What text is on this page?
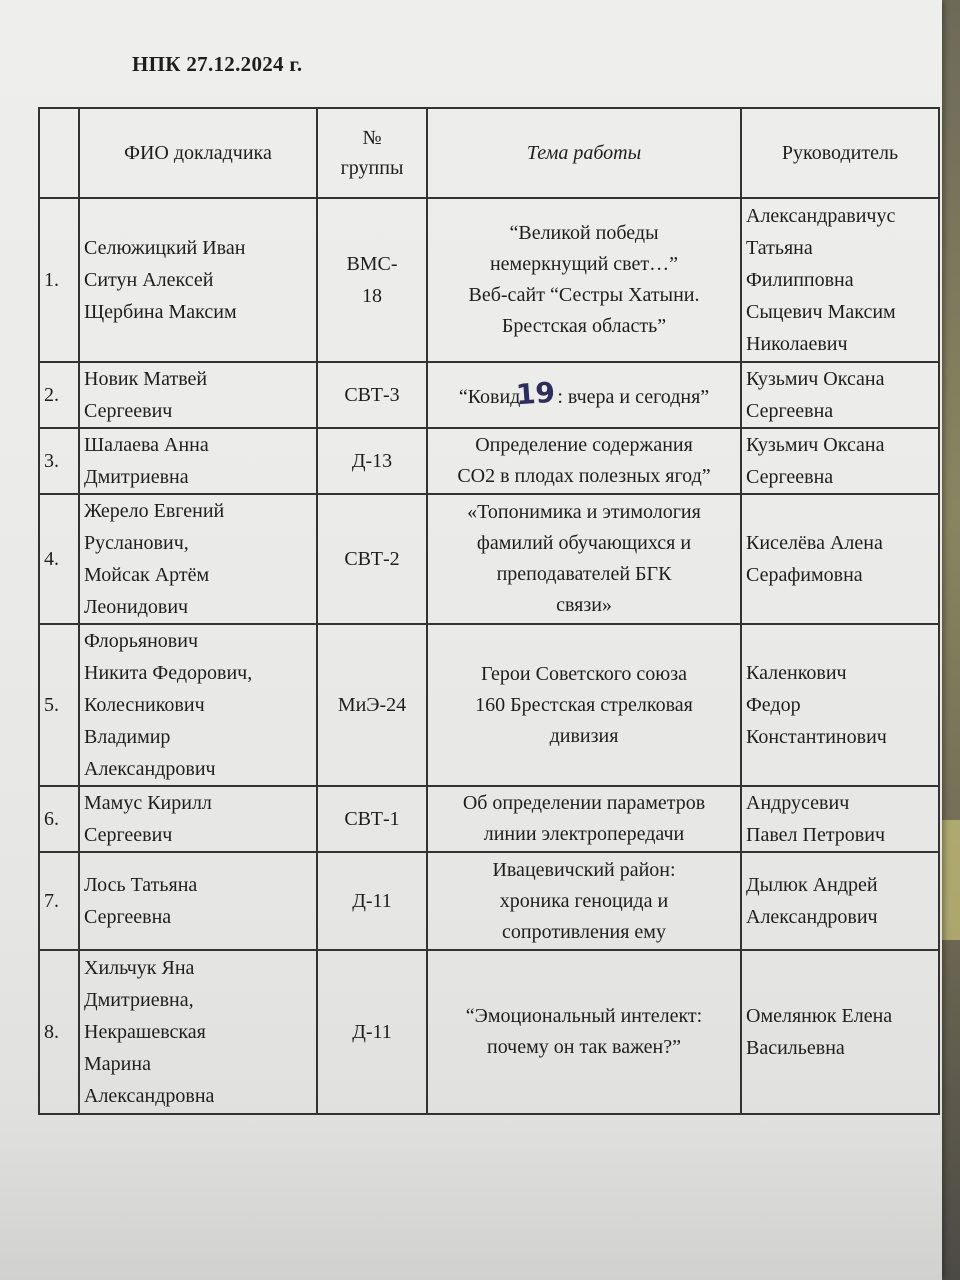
НПК 27.12.2024 г.
	ФИО докладчика	№
группы	Тема работы	Руководитель
1.	Селюжицкий Иван
Ситун Алексей
Щербина Максим	ВМС-
18	“Великой победы
немеркнущий свет…”
Веб-сайт “Сестры Хатыни.
Брестская область”	Александравичус
Татьяна
Филипповна
Сыцевич Максим
Николаевич
2.	Новик Матвей
Сергеевич	СВТ-3	“Ковид19: вчера и сегодня”	Кузьмич Оксана
Сергеевна
3.	Шалаева Анна
Дмитриевна	Д-13	Определение содержания
СО2 в плодах полезных ягод”	Кузьмич Оксана
Сергеевна
4.	Жерело Евгений
Русланович,
Мойсак Артём
Леонидович	СВТ-2	«Топонимика и этимология
фамилий обучающихся и
преподавателей БГК
связи»	Киселёва Алена
Серафимовна
5.	Флорьянович
Никита Федорович,
Колесникович
Владимир
Александрович	МиЭ-24	Герои Советского союза
160 Брестская стрелковая
дивизия	Каленкович
Федор
Константинович
6.	Мамус Кирилл
Сергеевич	СВТ-1	Об определении параметров
линии электропередачи	Андрусевич
Павел Петрович
7.	Лось Татьяна
Сергеевна	Д-11	Ивацевичский район:
хроника геноцида и
сопротивления ему	Дылюк Андрей
Александрович
8.	Хильчук Яна
Дмитриевна,
Некрашевская
Марина
Александровна	Д-11	“Эмоциональный интелект:
почему он так важен?”	Омелянюк Елена
Васильевна
